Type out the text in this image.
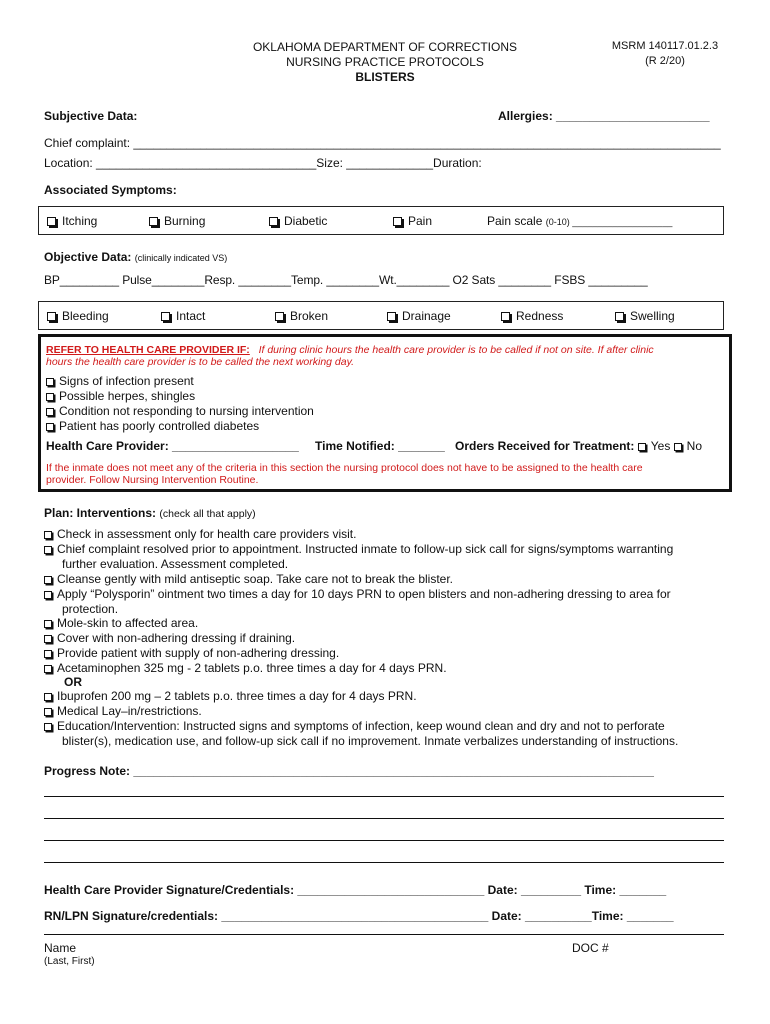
OKLAHOMA DEPARTMENT OF CORRECTIONS
NURSING PRACTICE PROTOCOLS
BLISTERS
MSRM 140117.01.2.3
(R 2/20)
Subjective Data:	Allergies: _______________________
Chief complaint: ________________________________________________________________________________________
Location: _________________________________Size: _____________Duration:
Associated Symptoms:
Itching	Burning	Diabetic	Pain	Pain scale (0-10) ____________________
Objective Data: (clinically indicated VS)
BP_________ Pulse________Resp. ________Temp. ________Wt.________ O2 Sats ________ FSBS _________
Bleeding	Intact	Broken	Drainage	Redness	Swelling
REFER TO HEALTH CARE PROVIDER IF: If during clinic hours the health care provider is to be called if not on site. If after clinic
hours the health care provider is to be called the next working day.
Signs of infection present
Possible herpes, shingles
Condition not responding to nursing intervention
Patient has poorly controlled diabetes
Health Care Provider: ___________________ Time Notified: _______ Orders Received for Treatment: Yes No
If the inmate does not meet any of the criteria in this section the nursing protocol does not have to be assigned to the health care
provider. Follow Nursing Intervention Routine.
Plan: Interventions: (check all that apply)
Check in assessment only for health care providers visit.
Chief complaint resolved prior to appointment. Instructed inmate to follow-up sick call for signs/symptoms warranting
further evaluation. Assessment completed.
Cleanse gently with mild antiseptic soap. Take care not to break the blister.
Apply “Polysporin” ointment two times a day for 10 days PRN to open blisters and non-adhering dressing to area for
protection.
Mole-skin to affected area.
Cover with non-adhering dressing if draining.
Provide patient with supply of non-adhering dressing.
Acetaminophen 325 mg - 2 tablets p.o. three times a day for 4 days PRN.
OR
Ibuprofen 200 mg – 2 tablets p.o. three times a day for 4 days PRN.
Medical Lay–in/restrictions.
Education/Intervention: Instructed signs and symptoms of infection, keep wound clean and dry and not to perforate
blister(s), medication use, and follow-up sick call if no improvement. Inmate verbalizes understanding of instructions.
Progress Note: ______________________________________________________________________________
Health Care Provider Signature/Credentials: ____________________________ Date: _________ Time: _______
RN/LPN Signature/credentials: ________________________________________ Date: __________Time: _______
Name
(Last, First)
DOC #
